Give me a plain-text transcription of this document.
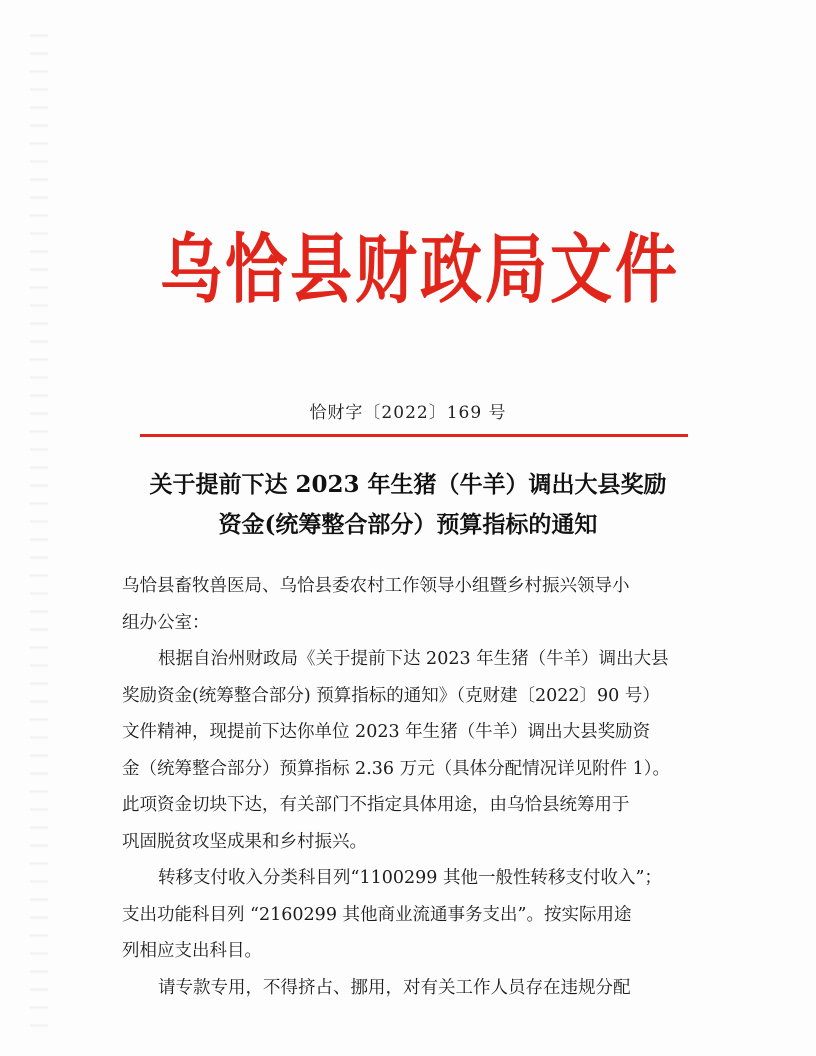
乌恰县财政局文件
恰财字〔2022〕169 号
关于提前下达 2023 年生猪（牛羊）调出大县奖励
资金(统筹整合部分）预算指标的通知
乌恰县畜牧兽医局、乌恰县委农村工作领导小组暨乡村振兴领导小
组办公室：
根据自治州财政局《关于提前下达 2023 年生猪（牛羊）调出大县
奖励资金(统筹整合部分) 预算指标的通知》（克财建〔2022〕90 号）
文件精神，现提前下达你单位 2023 年生猪（牛羊）调出大县奖励资
金（统筹整合部分）预算指标 2.36 万元（具体分配情况详见附件 1）。
此项资金切块下达，有关部门不指定具体用途，由乌恰县统筹用于
巩固脱贫攻坚成果和乡村振兴。
转移支付收入分类科目列“1100299 其他一般性转移支付收入”；
支出功能科目列 “2160299 其他商业流通事务支出”。按实际用途
列相应支出科目。
请专款专用，不得挤占、挪用，对有关工作人员存在违规分配
